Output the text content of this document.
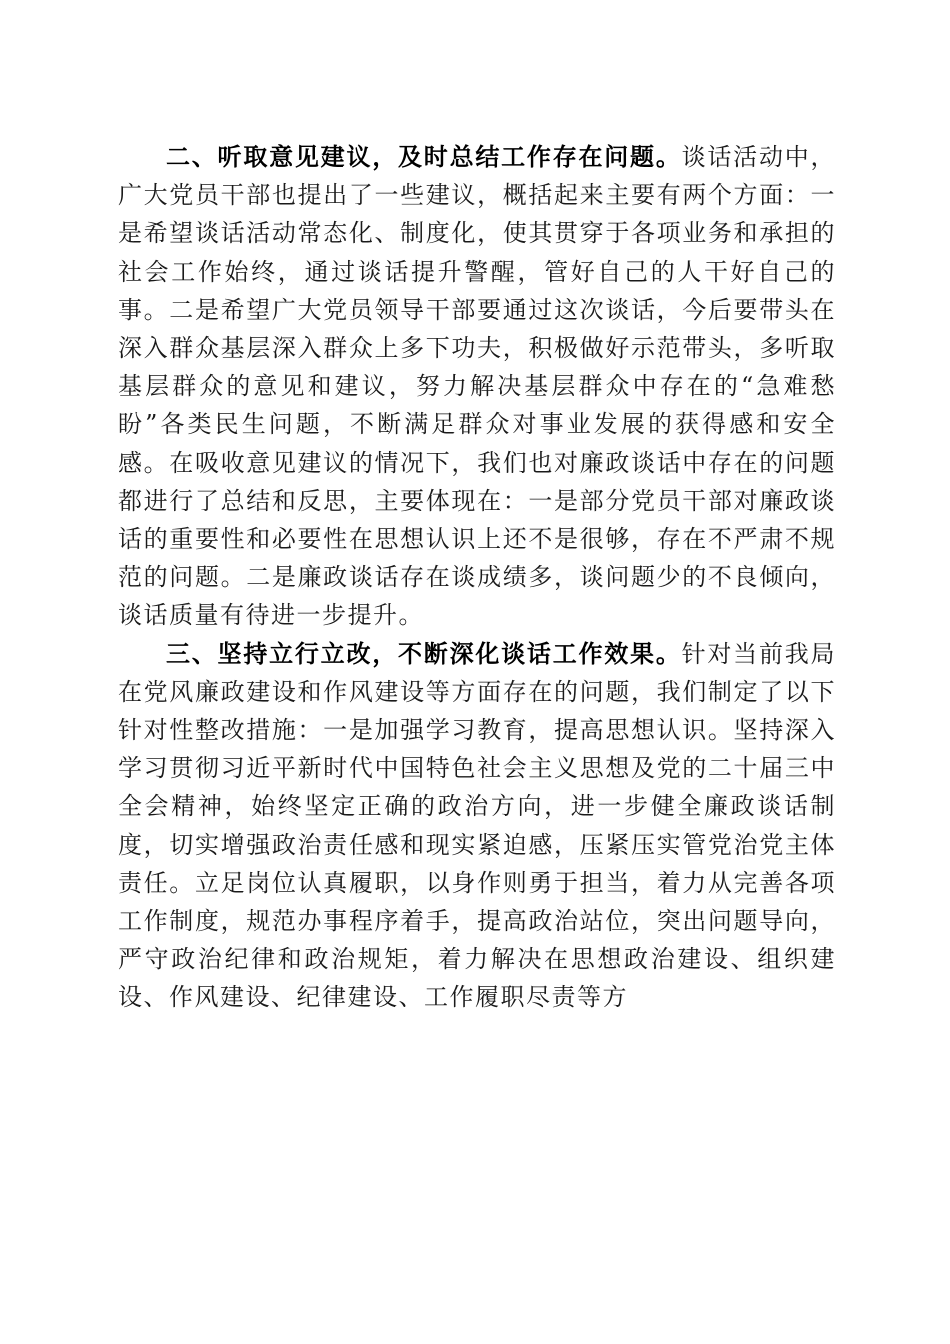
二、听取意见建议，及时总结工作存在问题。谈话活动中，广大党员干部也提出了一些建议，概括起来主要有两个方面：一是希望谈话活动常态化、制度化，使其贯穿于各项业务和承担的社会工作始终，通过谈话提升警醒，管好自己的人干好自己的事。二是希望广大党员领导干部要通过这次谈话，今后要带头在深入群众基层深入群众上多下功夫，积极做好示范带头，多听取基层群众的意见和建议，努力解决基层群众中存在的“急难愁盼”各类民生问题，不断满足群众对事业发展的获得感和安全感。在吸收意见建议的情况下，我们也对廉政谈话中存在的问题都进行了总结和反思，主要体现在：一是部分党员干部对廉政谈话的重要性和必要性在思想认识上还不是很够，存在不严肃不规范的问题。二是廉政谈话存在谈成绩多，谈问题少的不良倾向，谈话质量有待进一步提升。

三、坚持立行立改，不断深化谈话工作效果。针对当前我局在党风廉政建设和作风建设等方面存在的问题，我们制定了以下针对性整改措施：一是加强学习教育，提高思想认识。坚持深入学习贯彻习近平新时代中国特色社会主义思想及党的二十届三中全会精神，始终坚定正确的政治方向，进一步健全廉政谈话制度，切实增强政治责任感和现实紧迫感，压紧压实管党治党主体责任。立足岗位认真履职，以身作则勇于担当，着力从完善各项工作制度，规范办事程序着手，提高政治站位，突出问题导向，严守政治纪律和政治规矩，着力解决在思想政治建设、组织建设、作风建设、纪律建设、工作履职尽责等方
